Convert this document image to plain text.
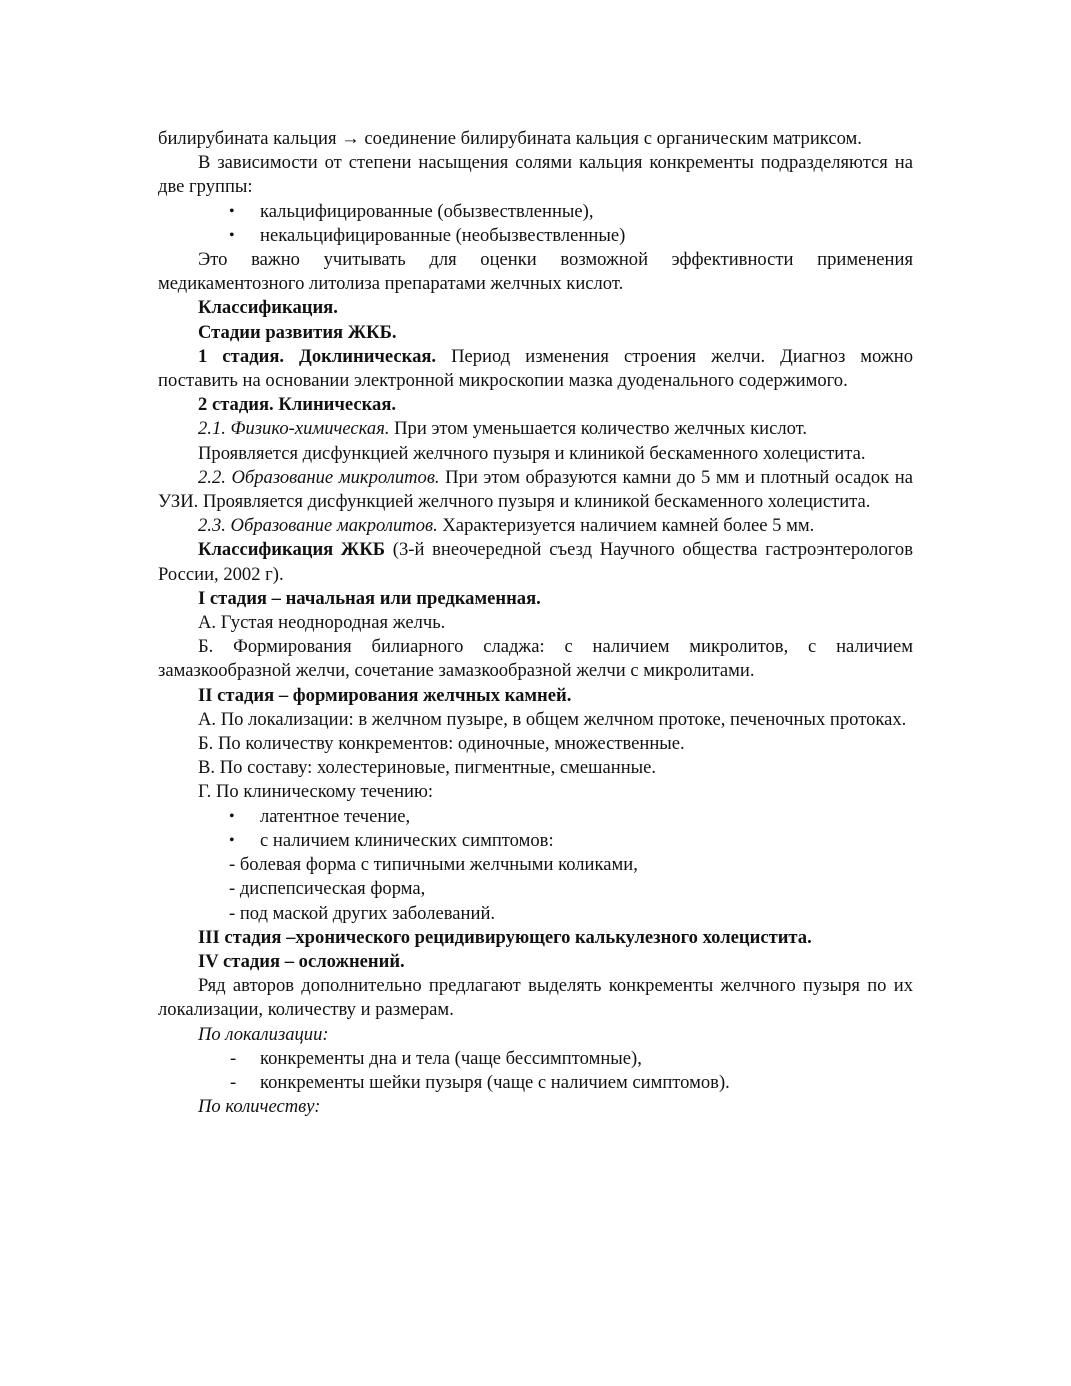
билирубината кальция → соединение билирубината кальция с органическим матриксом.

В зависимости от степени насыщения солями кальция конкременты подразделяются на две группы:

• кальцифицированные (обызвествленные),
• некальцифицированные (необызвествленные)

Это важно учитывать для оценки возможной эффективности применения медикаментозного литолиза препаратами желчных кислот.

Классификация.

Стадии развития ЖКБ.

1 стадия. Доклиническая. Период изменения строения желчи. Диагноз можно поставить на основании электронной микроскопии мазка дуоденального содержимого.

2 стадия. Клиническая.

2.1. Физико-химическая. При этом уменьшается количество желчных кислот.

Проявляется дисфункцией желчного пузыря и клиникой бескаменного холецистита.

2.2. Образование микролитов. При этом образуются камни до 5 мм и плотный осадок на УЗИ. Проявляется дисфункцией желчного пузыря и клиникой бескаменного холецистита.

2.3. Образование макролитов. Характеризуется наличием камней более 5 мм.

Классификация ЖКБ (3-й внеочередной съезд Научного общества гастроэнтерологов России, 2002 г).

I стадия – начальная или предкаменная.

А. Густая неоднородная желчь.

Б. Формирования билиарного сладжа: с наличием микролитов, с наличием замазкообразной желчи, сочетание замазкообразной желчи с микролитами.

II стадия – формирования желчных камней.

А. По локализации: в желчном пузыре, в общем желчном протоке, печеночных протоках.

Б. По количеству конкрементов: одиночные, множественные.

В. По составу: холестериновые, пигментные, смешанные.

Г. По клиническому течению:

• латентное течение,
• с наличием клинических симптомов:
- болевая форма с типичными желчными коликами,
- диспепсическая форма,
- под маской других заболеваний.

III стадия –хронического рецидивирующего калькулезного холецистита.

IV стадия – осложнений.

Ряд авторов дополнительно предлагают выделять конкременты желчного пузыря по их локализации, количеству и размерам.

По локализации:

- конкременты дна и тела (чаще бессимптомные),
- конкременты шейки пузыря (чаще с наличием симптомов).

По количеству:
